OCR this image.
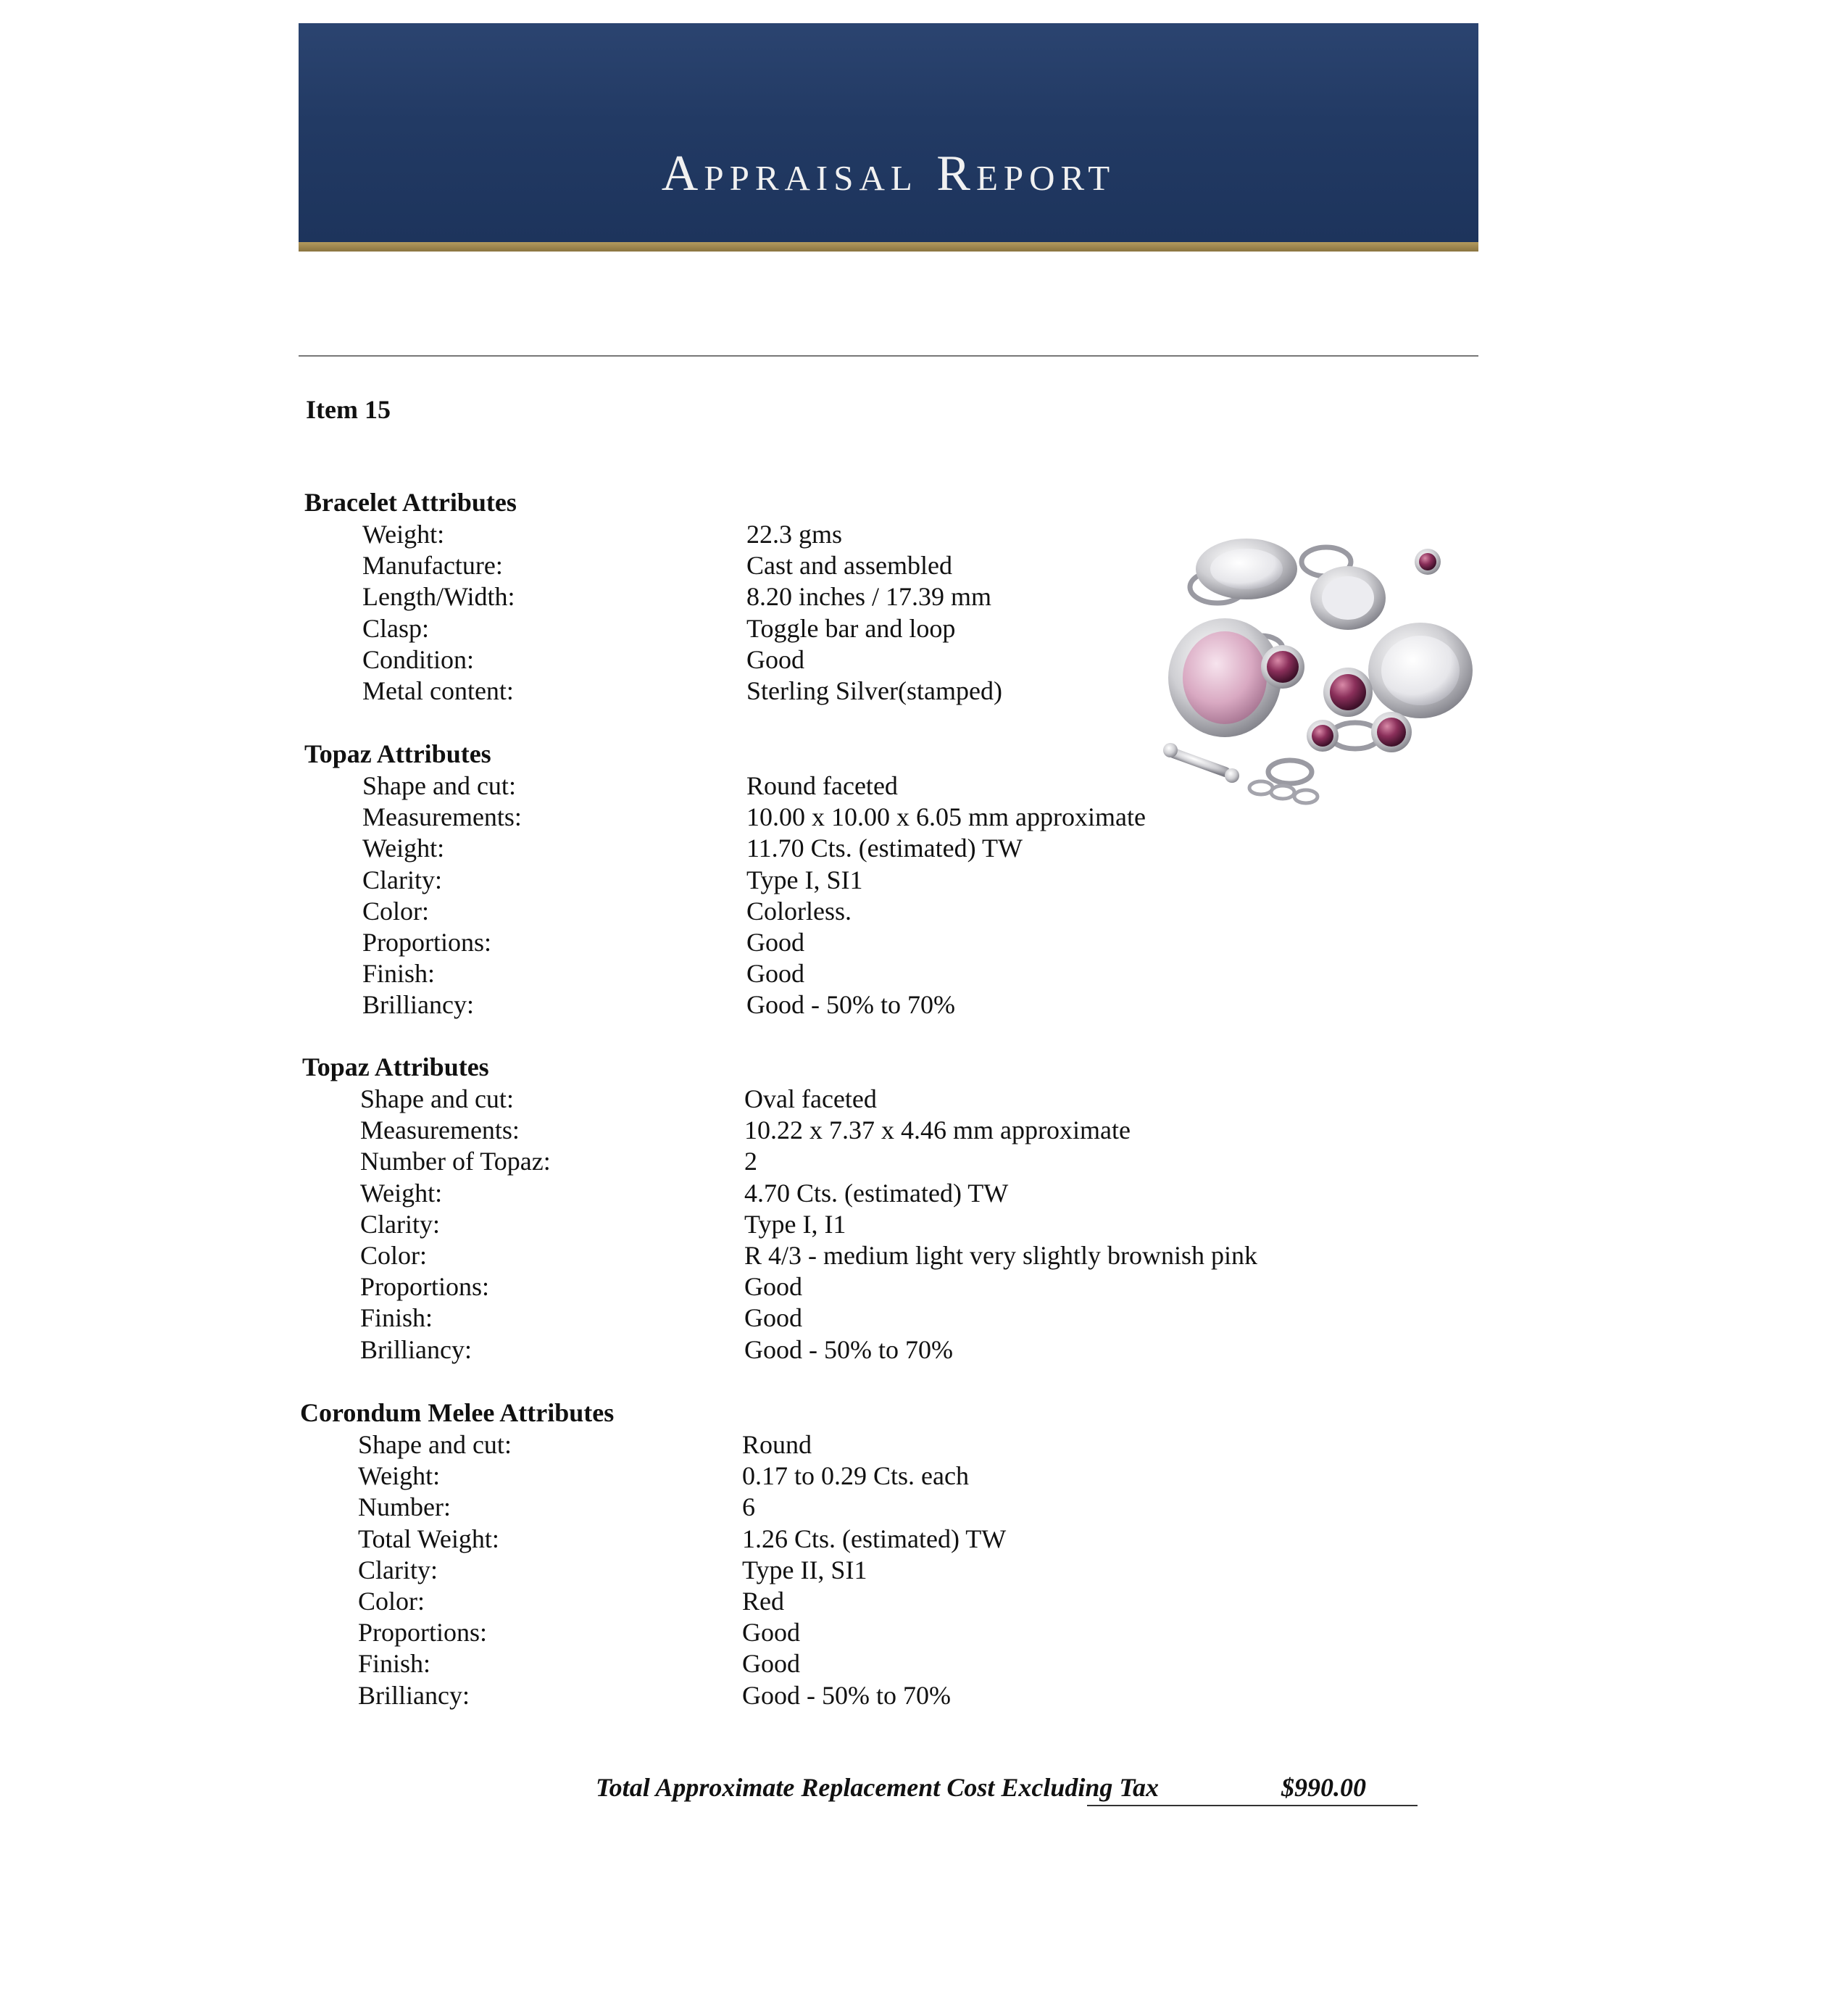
Appraisal Report
Item 15
Bracelet Attributes
Weight:	22.3 gms
Manufacture:	Cast and assembled
Length/Width:	8.20 inches / 17.39 mm
Clasp:	Toggle bar and loop
Condition:	Good
Metal content:	Sterling Silver(stamped)
Topaz Attributes
Shape and cut:	Round faceted
Measurements:	10.00 x 10.00 x 6.05 mm approximate
Weight:	11.70 Cts. (estimated) TW
Clarity:	Type I, SI1
Color:	Colorless.
Proportions:	Good
Finish:	Good
Brilliancy:	Good - 50% to 70%
Topaz Attributes
Shape and cut:	Oval faceted
Measurements:	10.22 x 7.37 x 4.46 mm approximate
Number of Topaz:	2
Weight:	4.70 Cts. (estimated) TW
Clarity:	Type I, I1
Color:	R 4/3 - medium light very slightly brownish pink
Proportions:	Good
Finish:	Good
Brilliancy:	Good - 50% to 70%
Corondum Melee Attributes
Shape and cut:	Round
Weight:	0.17 to 0.29 Cts. each
Number:	6
Total Weight:	1.26 Cts. (estimated) TW
Clarity:	Type II, SI1
Color:	Red
Proportions:	Good
Finish:	Good
Brilliancy:	Good - 50% to 70%
Total Approximate Replacement Cost Excluding Tax	$990.00
